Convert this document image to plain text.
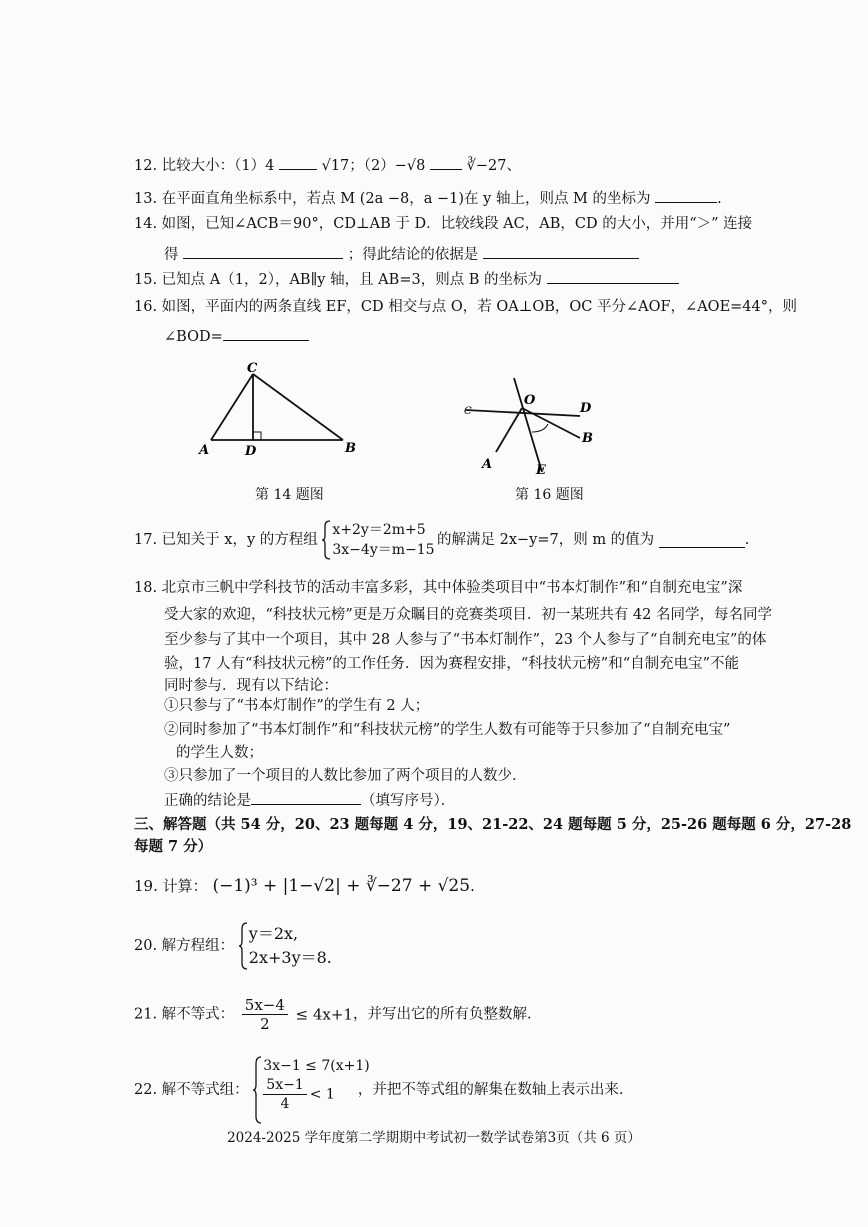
12. 比较大小：（1）4	√17；（2）−√8	∛−27、
13. 在平面直角坐标系中，若点 M (2a −8，a −1)在 y 轴上，则点 M 的坐标为	.
14. 如图，已知∠ACB＝90°，CD⊥AB 于 D．比较线段 AC，AB，CD 的大小，并用“＞” 连接
得	；得此结论的依据是
15. 已知点 A（1，2），AB∥y 轴，且 AB=3，则点 B 的坐标为
16. 如图，平面内的两条直线 EF，CD 相交与点 O，若 OA⊥OB，OC 平分∠AOF，∠AOE=44°，则
∠BOD=
C
A	D	B
第 14 题图
O
D
B
A	E
C
第 16 题图
17. 已知关于 x，y 的方程组
x+2y＝2m+5
3x−4y＝m−15
的解满足 2x−y=7，则 m 的值为	.
18. 北京市三帆中学科技节的活动丰富多彩，其中体验类项目中“书本灯制作”和“自制充电宝”深
受大家的欢迎，“科技状元榜”更是万众瞩目的竞赛类项目．初一某班共有 42 名同学，每名同学
至少参与了其中一个项目，其中 28 人参与了“书本灯制作”，23 个人参与了“自制充电宝”的体
验，17 人有“科技状元榜”的工作任务．因为赛程安排，“科技状元榜”和“自制充电宝”不能
同时参与．现有以下结论：
①只参与了“书本灯制作”的学生有 2 人；
②同时参加了“书本灯制作”和“科技状元榜”的学生人数有可能等于只参加了“自制充电宝”
的学生人数；
③只参加了一个项目的人数比参加了两个项目的人数少．
正确的结论是	（填写序号）．
三、解答题（共 54 分，20、23 题每题 4 分，19、21-22、24 题每题 5 分，25-26 题每题 6 分，27-28
每题 7 分）
19. 计算： (−1)³ + |1−√2| + ∛−27 + √25.
20. 解方程组：
y＝2x,
2x+3y＝8.
21. 解不等式： $\frac{5x-4}{2} \le 4x+1$，并写出它的所有负整数解.
22. 解不等式组：
3x−1 ≤ 7(x+1)
$\frac{5x-1}{4} < 1$	，并把不等式组的解集在数轴上表示出来.
2024-2025 学年度第二学期期中考试初一数学试卷第3页（共 6 页）
